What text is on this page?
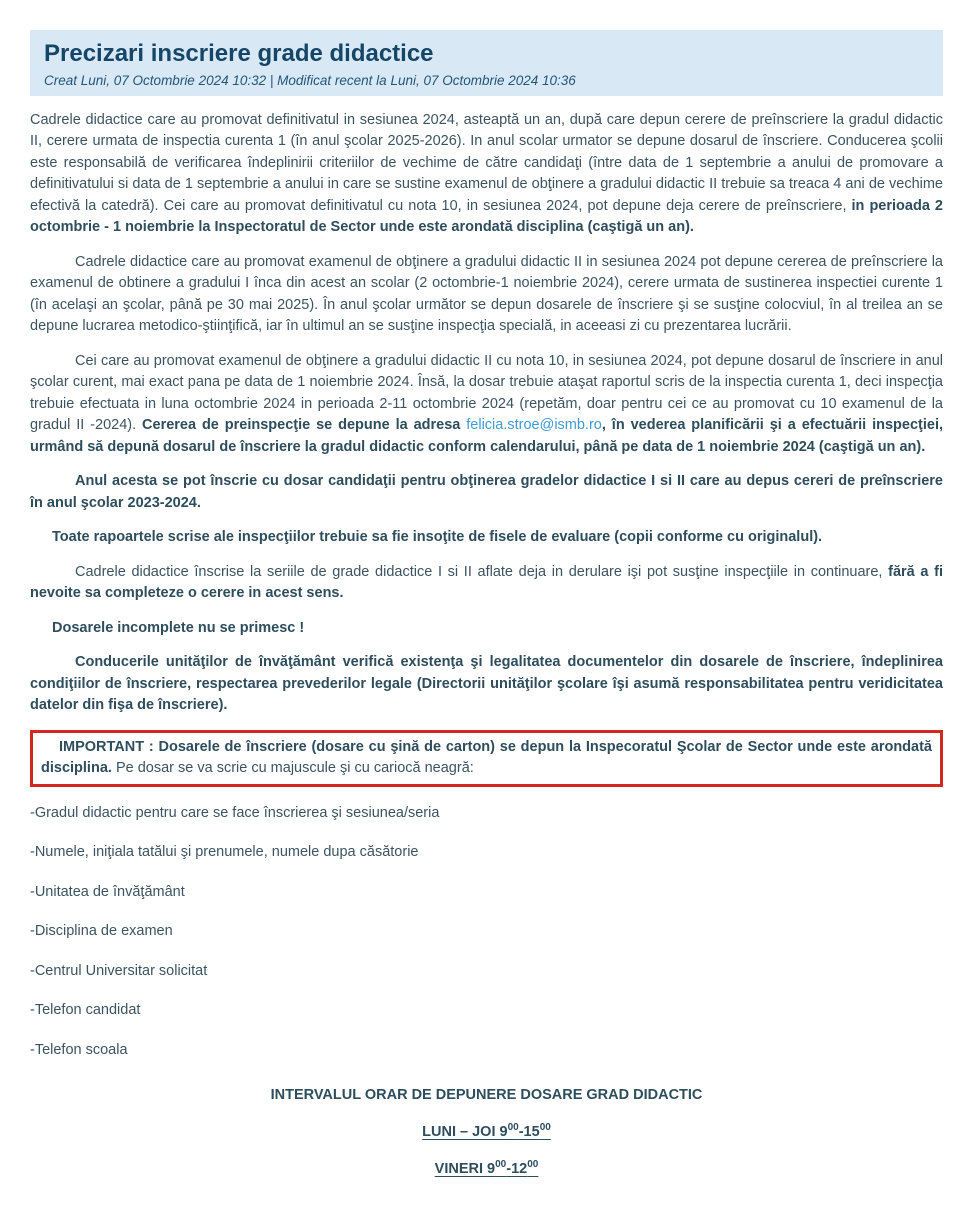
Precizari inscriere grade didactice
Creat Luni, 07 Octombrie 2024 10:32 | Modificat recent la Luni, 07 Octombrie 2024 10:36

Cadrele didactice care au promovat definitivatul in sesiunea 2024, asteaptă un an, după care depun cerere de preînscriere la gradul didactic II, cerere urmata de inspectia curenta 1 (în anul şcolar 2025-2026). In anul scolar urmator se depune dosarul de înscriere. Conducerea şcolii este responsabilă de verificarea îndeplinirii criteriilor de vechime de către candidaţi (între data de 1 septembrie a anului de promovare a definitivatului si data de 1 septembrie a anului in care se sustine examenul de obţinere a gradului didactic II trebuie sa treaca 4 ani de vechime efectivă la catedră). Cei care au promovat definitivatul cu nota 10, in sesiunea 2024, pot depune deja cerere de preînscriere, in perioada 2 octombrie - 1 noiembrie la Inspectoratul de Sector unde este arondată disciplina (caştigă un an).

Cadrele didactice care au promovat examenul de obţinere a gradului didactic II in sesiunea 2024 pot depune cererea de preînscriere la examenul de obtinere a gradului I înca din acest an scolar (2 octombrie-1 noiembrie 2024), cerere urmata de sustinerea inspectiei curente 1 (în acelaşi an şcolar, până pe 30 mai 2025). În anul şcolar următor se depun dosarele de înscriere şi se susţine colocviul, în al treilea an se depune lucrarea metodico-ştiinţifică, iar în ultimul an se susţine inspecţia specială, in aceeasi zi cu prezentarea lucrării.

Cei care au promovat examenul de obţinere a gradului didactic II cu nota 10, in sesiunea 2024, pot depune dosarul de înscriere in anul şcolar curent, mai exact pana pe data de 1 noiembrie 2024. Însă, la dosar trebuie ataşat raportul scris de la inspectia curenta 1, deci inspecţia trebuie efectuata in luna octombrie 2024 in perioada 2-11 octombrie 2024 (repetăm, doar pentru cei ce au promovat cu 10 examenul de la gradul II -2024). Cererea de preinspecţie se depune la adresa felicia.stroe@ismb.ro, în vederea planificării şi a efectuării inspecţiei, urmând să depună dosarul de înscriere la gradul didactic conform calendarului, până pe data de 1 noiembrie 2024 (caştigă un an).

Anul acesta se pot înscrie cu dosar candidaţii pentru obţinerea gradelor didactice I si II care au depus cereri de preînscriere în anul şcolar 2023-2024.

Toate rapoartele scrise ale inspecţiilor trebuie sa fie insoţite de fisele de evaluare (copii conforme cu originalul).

Cadrele didactice înscrise la seriile de grade didactice I si II aflate deja in derulare işi pot susţine inspecţiile in continuare, fără a fi nevoite sa completeze o cerere in acest sens.

Dosarele incomplete nu se primesc !

Conducerile unităţilor de învăţământ verifică existenţa şi legalitatea documentelor din dosarele de înscriere, îndeplinirea condiţiilor de înscriere, respectarea prevederilor legale (Directorii unităţilor şcolare îşi asumă responsabilitatea pentru veridicitatea datelor din fişa de înscriere).

IMPORTANT : Dosarele de înscriere (dosare cu şină de carton) se depun la Inspecoratul Şcolar de Sector unde este arondată disciplina. Pe dosar se va scrie cu majuscule şi cu cariocă neagră:

-Gradul didactic pentru care se face înscrierea şi sesiunea/seria
-Numele, iniţiala tatălui şi prenumele, numele dupa căsătorie
-Unitatea de învăţământ
-Disciplina de examen
-Centrul Universitar solicitat
-Telefon candidat
-Telefon scoala

INTERVALUL ORAR DE DEPUNERE DOSARE GRAD DIDACTIC

LUNI – JOI $9^{00}-15^{00}$

VINERI $9^{00}-12^{00}$
